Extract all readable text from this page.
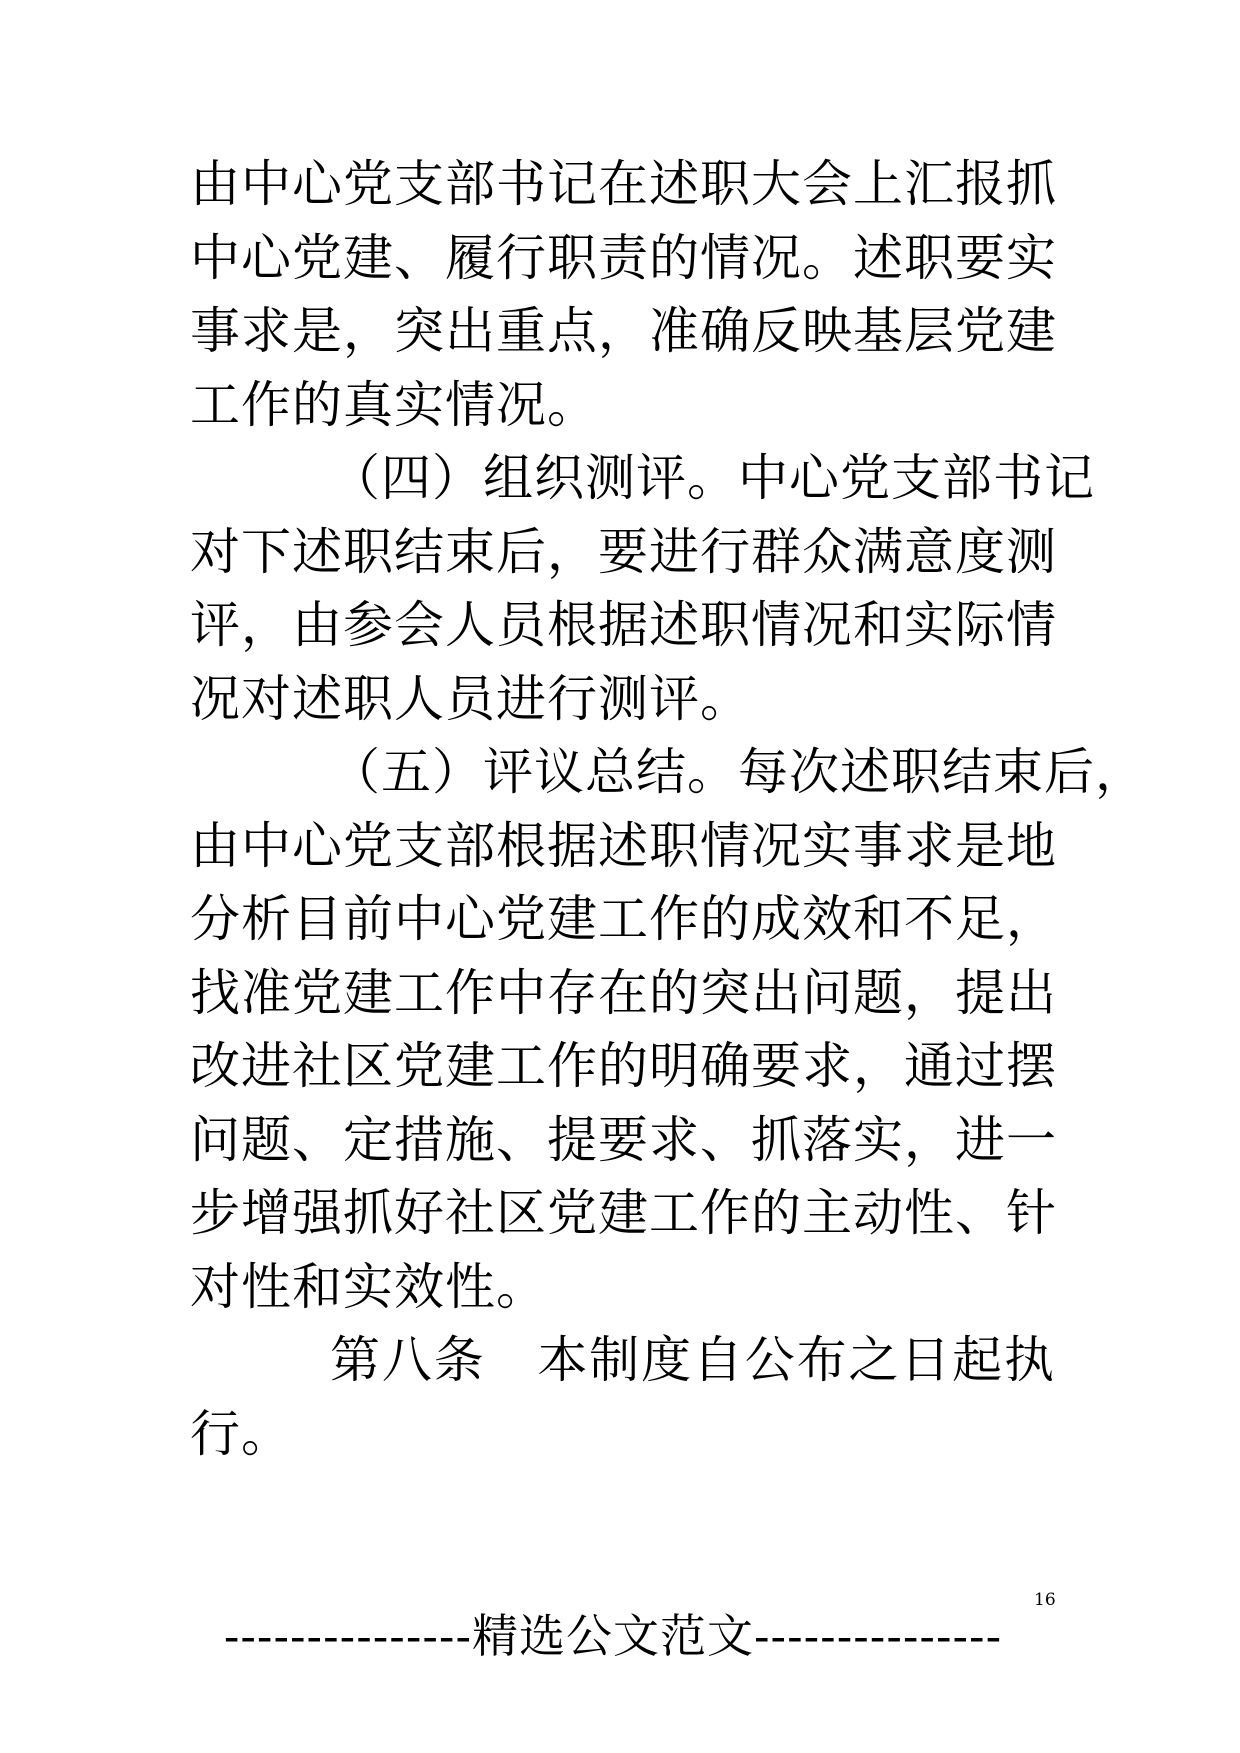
由中心党支部书记在述职大会上汇报抓
中心党建、履行职责的情况。述职要实
事求是，突出重点，准确反映基层党建
工作的真实情况。
（四）组织测评。中心党支部书记
对下述职结束后，要进行群众满意度测
评，由参会人员根据述职情况和实际情
况对述职人员进行测评。
（五）评议总结。每次述职结束后，
由中心党支部根据述职情况实事求是地
分析目前中心党建工作的成效和不足，
找准党建工作中存在的突出问题，提出
改进社区党建工作的明确要求，通过摆
问题、定措施、提要求、抓落实，进一
步增强抓好社区党建工作的主动性、针
对性和实效性。
第八条　本制度自公布之日起执
行。
16
---------------精选公文范文---------------
